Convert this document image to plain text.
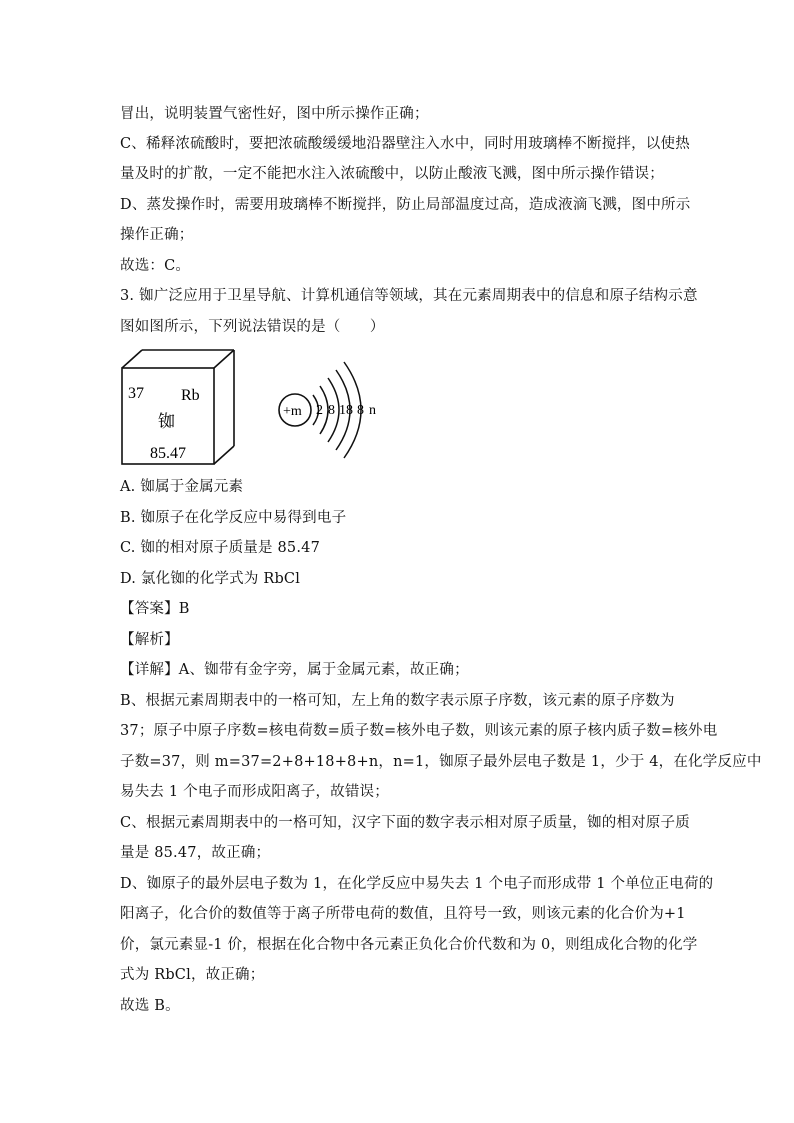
冒出，说明装置气密性好，图中所示操作正确；
C、稀释浓硫酸时，要把浓硫酸缓缓地沿器壁注入水中，同时用玻璃棒不断搅拌，以使热
量及时的扩散，一定不能把水注入浓硫酸中，以防止酸液飞溅，图中所示操作错误；
D、蒸发操作时，需要用玻璃棒不断搅拌，防止局部温度过高，造成液滴飞溅，图中所示
操作正确；
故选：C。
3. 铷广泛应用于卫星导航、计算机通信等领域，其在元素周期表中的信息和原子结构示意
图如图所示，下列说法错误的是（　　）
37 Rb
铷
85.47
+m 2 8 18 8 n
A. 铷属于金属元素
B. 铷原子在化学反应中易得到电子
C. 铷的相对原子质量是 85.47
D. 氯化铷的化学式为 RbCl
【答案】B
【解析】
【详解】A、铷带有金字旁，属于金属元素，故正确；
B、根据元素周期表中的一格可知，左上角的数字表示原子序数，该元素的原子序数为
37；原子中原子序数=核电荷数=质子数=核外电子数，则该元素的原子核内质子数=核外电
子数=37，则 m=37=2+8+18+8+n，n=1，铷原子最外层电子数是 1，少于 4，在化学反应中
易失去 1 个电子而形成阳离子，故错误；
C、根据元素周期表中的一格可知，汉字下面的数字表示相对原子质量，铷的相对原子质
量是 85.47，故正确；
D、铷原子的最外层电子数为 1，在化学反应中易失去 1 个电子而形成带 1 个单位正电荷的
阳离子，化合价的数值等于离子所带电荷的数值，且符号一致，则该元素的化合价为+1
价，氯元素显-1 价，根据在化合物中各元素正负化合价代数和为 0，则组成化合物的化学
式为 RbCl，故正确；
故选 B。
